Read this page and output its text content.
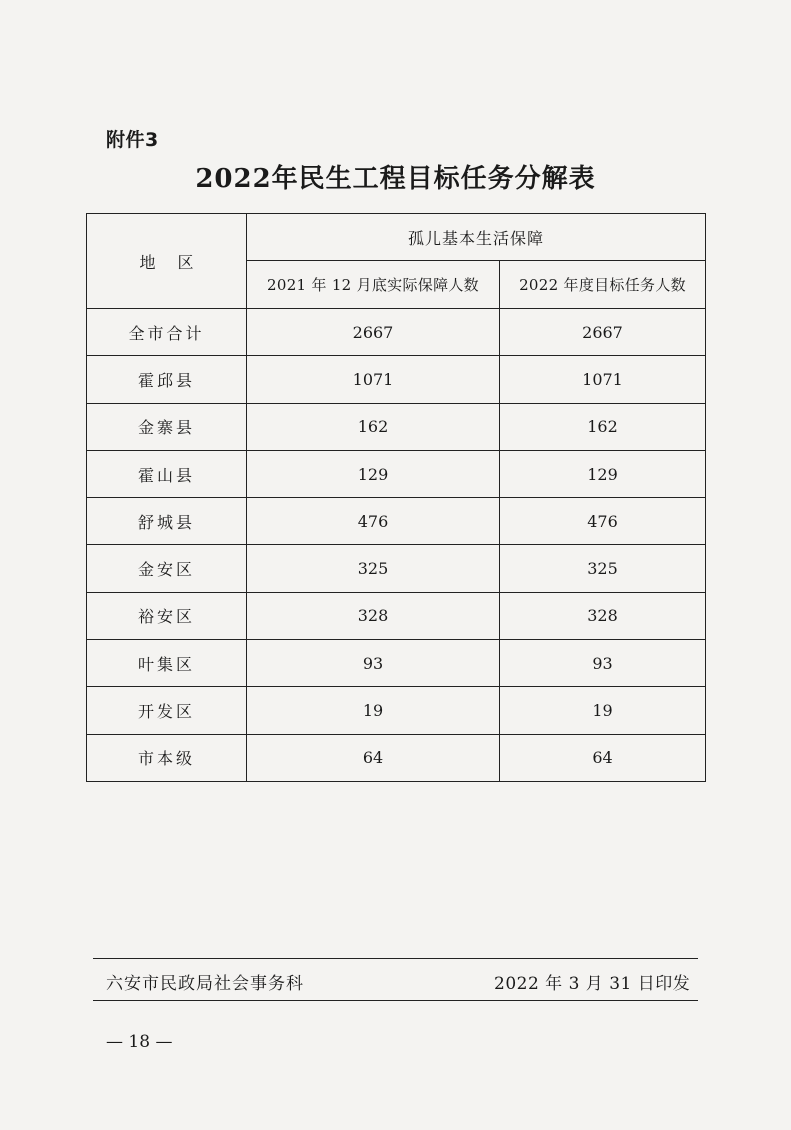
附件3
2022年民生工程目标任务分解表
地区	孤儿基本生活保障	
	2021 年 12 月底实际保障人数	2022 年度目标任务人数
全市合计	2667	2667
霍邱县	1071	1071
金寨县	162	162
霍山县	129	129
舒城县	476	476
金安区	325	325
裕安区	328	328
叶集区	93	93
开发区	19	19
市本级	64	64
六安市民政局社会事务科	2022 年 3 月 31 日印发
— 18 —
